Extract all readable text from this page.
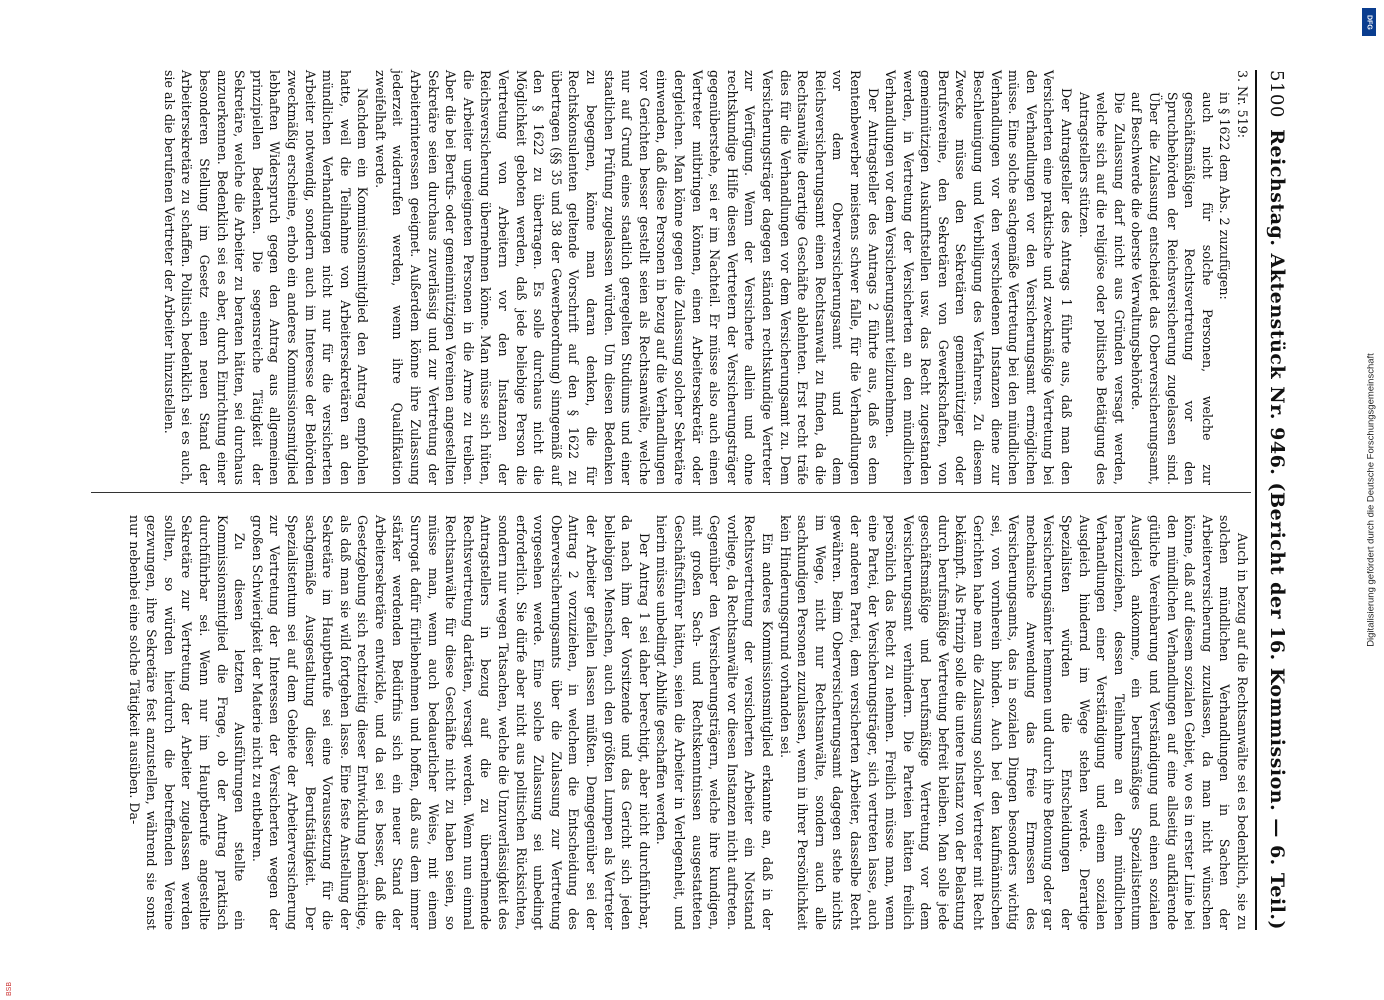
5100
Reichstag. Aktenstück Nr. 946. (Bericht der 16. Kommission. — 6. Teil.)

3. Nr. 519:

in § 1622 dem Abs. 2 zuzufügen:

auch nicht für solche Personen, welche zur geschäftsmäßigen Rechtsvertretung vor den Spruchbehörden der Reichsversicherung zugelassen sind. Über die Zulassung entscheidet das Oberversicherungsamt, auf Beschwerde die oberste Verwaltungsbehörde.

Die Zulassung darf nicht aus Gründen versagt werden, welche sich auf die religiöse oder politische Betätigung des Antragstellers stützen.

Der Antragsteller des Antrags 1 führte aus, daß man den Versicherten eine praktische und zweckmäßige Vertretung bei den Verhandlungen vor den Versicherungsamt ermöglichen müsse. Eine solche sachgemäße Vertretung bei den mündlichen Verhandlungen vor den verschiedenen Instanzen diene zur Beschleunigung und Verbilligung des Verfahrens. Zu diesem Zwecke müsse den Sekretären gemeinnütziger oder Berufsvereine, den Sekretären von Gewerkschaften, von gemeinnützigen Auskunftstellen usw. das Recht zugestanden werden, in Vertretung der Versicherten an den mündlichen Verhandlungen vor dem Versicherungsamt teilzunehmen.

Der Antragsteller des Antrags 2 führte aus, daß es dem Rentenbewerber meistens schwer falle, für die Verhandlungen vor dem Oberversicherungsamt und dem Reichsversicherungsamt einen Rechtsanwalt zu finden, da die Rechtsanwälte derartige Geschäfte ablehnten. Erst recht träfe dies für die Verhandlungen vor dem Versicherungsamt zu. Dem Versicherungsträger dagegen ständen rechtskundige Vertreter zur Verfügung. Wenn der Versicherte allein und ohne rechtskundige Hilfe diesen Vertretern der Versicherungsträger gegenüberstehe, sei er im Nachteil. Er müsse also auch einen Vertreter mitbringen können, einen Arbeitersekretär oder dergleichen. Man könne gegen die Zulassung solcher Sekretäre einwenden, daß diese Personen in bezug auf die Verhandlungen vor Gerichten besser gestellt seien als Rechtsanwälte, welche nur auf Grund eines staatlich geregelten Studiums und einer staatlichen Prüfung zugelassen würden. Um diesen Bedenken zu begegnen, könne man daran denken, die für Rechtskonsulenten geltende Vorschrift auf den § 1622 zu übertragen (§§ 35 und 38 der Gewerbeordnung) sinngemäß auf den § 1622 zu übertragen. Es solle durchaus nicht die Möglichkeit geboten werden, daß jede beliebige Person die Vertretung von Arbeitern vor den Instanzen der Reichsversicherung übernehmen könne. Man müsse sich hüten, die Arbeiter ungeeigneten Personen in die Arme zu treiben. Aber die bei Berufs- oder gemeinnützigen Vereinen angestellten Sekretäre seien durchaus zuverlässig und zur Vertretung der Arbeiterinteressen geeignet. Außerdem könne ihre Zulassung jederzeit widerrufen werden, wenn ihre Qualifikation zweifelhaft werde.

Nachdem ein Kommissionsmitglied den Antrag empfohlen hatte, weil die Teilnahme von Arbeitersekretären an den mündlichen Verhandlungen nicht nur für die versicherten Arbeiter notwendig, sondern auch im Interesse der Behörden zweckmäßig erscheine, erhob ein anderes Kommissionsmitglied lebhaften Widerspruch gegen den Antrag aus allgemeinen prinzipiellen Bedenken. Die segensreiche Tätigkeit der Sekretäre, welche die Arbeiter zu beraten hätten, sei durchaus anzuerkennen. Bedenklich sei es aber, durch Einrichtung einer besonderen Stellung im Gesetz einen neuen Stand der Arbeitersekretäre zu schaffen. Politisch bedenklich sei es auch, sie als die berufenen Vertreter der Arbeiter hinzustellen.

Auch in bezug auf die Rechtsanwälte sei es bedenklich, sie zu solchen mündlichen Verhandlungen in Sachen der Arbeiterversicherung zuzulassen, da man nicht wünschen könne, daß auf diesem sozialen Gebiet, wo es in erster Linie bei den mündlichen Verhandlungen auf eine allseitig aufklärende gütliche Vereinbarung und Verständigung und einen sozialen Ausgleich ankomme, ein berufsmäßiges Spezialistentum heranzuziehen, dessen Teilnahme an den mündlichen Verhandlungen einer Verständigung und einem sozialen Ausgleich hindernd im Wege stehen werde. Derartige Spezialisten würden die Entscheidungen der Versicherungsämter hemmen und durch ihre Betonung oder gar mechanische Anwendung das freie Ermessen des Versicherungsamts, das in sozialen Dingen besonders wichtig sei, von vornherein binden. Auch bei den kaufmännischen Gerichten habe man die Zulassung solcher Vertreter mit Recht bekämpft. Als Prinzip solle die untere Instanz von der Belastung durch berufsmäßige Vertretung befreit bleiben. Man solle jede geschäftsmäßige und berufsmäßige Vertretung vor dem Versicherungsamt verhindern. Die Parteien hätten freilich persönlich das Recht zu nehmen. Freilich müsse man, wenn eine Partei, der Versicherungsträger, sich vertreten lasse, auch der anderen Partei, dem versicherten Arbeiter, dasselbe Recht gewähren. Beim Oberversicherungsamt dagegen stehe nichts im Wege, nicht nur Rechtsanwälte, sondern auch alle sachkundigen Personen zuzulassen, wenn in ihrer Persönlichkeit kein Hinderungsgrund vorhanden sei.

Ein anderes Kommissionsmitglied erkannte an, daß in der Rechtsvertretung der versicherten Arbeiter ein Notstand vorliege, da Rechtsanwälte vor diesen Instanzen nicht auftreten. Gegenüber den Versicherungsträgern, welche ihre kundigen, mit großen Sach- und Rechtskenntnissen ausgestatteten Geschäftsführer hätten, seien die Arbeiter in Verlegenheit, und hierin müsse unbedingt Abhilfe geschaffen werden.

Der Antrag 1 sei daher berechtigt, aber nicht durchführbar, da nach ihm der Vorsitzende und das Gericht sich jeden beliebigen Menschen, auch den größten Lumpen als Vertreter der Arbeiter gefallen lassen müßten. Demgegenüber sei der Antrag 2 vorzuziehen, in welchem die Entscheidung des Oberversicherungsamts über die Zulassung zur Vertretung vorgesehen werde. Eine solche Zulassung sei unbedingt erforderlich. Sie dürfe aber nicht aus politischen Rücksichten, sondern nur wegen Tatsachen, welche die Unzuverlässigkeit des Antragstellers in bezug auf die zu übernehmende Rechtsvertretung dartäten, versagt werden. Wenn nun einmal Rechtsanwälte für diese Geschäfte nicht zu haben seien, so müsse man, wenn auch bedauerlicher Weise, mit einem Surrogat dafür fürliebnehmen und hoffen, daß aus dem immer stärker werdenden Bedürfnis sich ein neuer Stand der Arbeitersekretäre entwickle, und da sei es besser, daß die Gesetzgebung sich rechtzeitig dieser Entwicklung bemächtige, als daß man sie wild fortgehen lasse. Eine feste Anstellung der Sekretäre im Hauptberufe sei eine Voraussetzung für die sachgemäße Ausgestaltung dieser Berufstätigkeit. Der Spezialistentum sei auf dem Gebiete der Arbeiterversicherung zur Vertretung der Interessen der Versicherten wegen der großen Schwierigkeit der Materie nicht zu entbehren.

Zu diesen letzten Ausführungen stellte ein Kommissionsmitglied die Frage, ob der Antrag praktisch durchführbar sei. Wenn nur im Hauptberufe angestellte Sekretäre zur Vertretung der Arbeiter zugelassen werden sollten, so würden hierdurch die betreffenden Vereine gezwungen, ihre Sekretäre fest anzustellen, während sie sonst nur nebenbei eine solche Tätigkeit ausüben. Da-

DFG
Digitalisierung gefördert durch die Deutsche Forschungsgemeinschaft
BSB
